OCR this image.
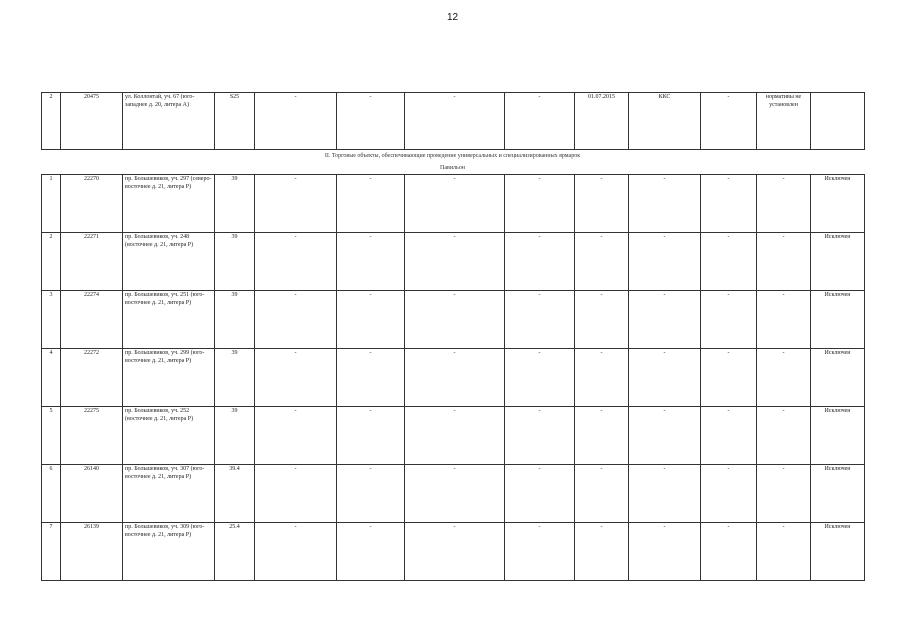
12
2	20475	ул. Коллонтай, уч. 67 (юго-западнее д. 20, литера А)	S25	-	-	-	-	01.07.2015	ККС	-	нормативы не установлен	
II. Торговые объекты, обеспечивающие проведение универсальных и специализированных ярмарок
Павильон
1	22270	пр. Большевиков, уч. 297 (северо-восточнее д. 21, литера Р)	39	-	-	-	-	-	-	-	-	Исключен
2	22271	пр. Большевиков, уч. 248 (восточнее д. 21, литера Р)	39	-	-	-	-	-	-	-	-	Исключен
3	22274	пр. Большевиков, уч. 251 (юго-восточнее д. 21, литера Р)	39	-	-	-	-	-	-	-	-	Исключен
4	22272	пр. Большевиков, уч. 299 (юго-восточнее д. 21, литера Р)	39	-	-	-	-	-	-	-	-	Исключен
5	22275	пр. Большевиков, уч. 252 (восточнее д. 21, литера Р)	39	-	-	-	-	-	-	-	-	Исключен
6	26140	пр. Большевиков, уч. 307 (юго-восточнее д. 21, литера Р)	39.4	-	-	-	-	-	-	-	-	Исключен
7	26139	пр. Большевиков, уч. 309 (юго-восточнее д. 21, литера Р)	25.4	-	-	-	-	-	-	-	-	Исключен
